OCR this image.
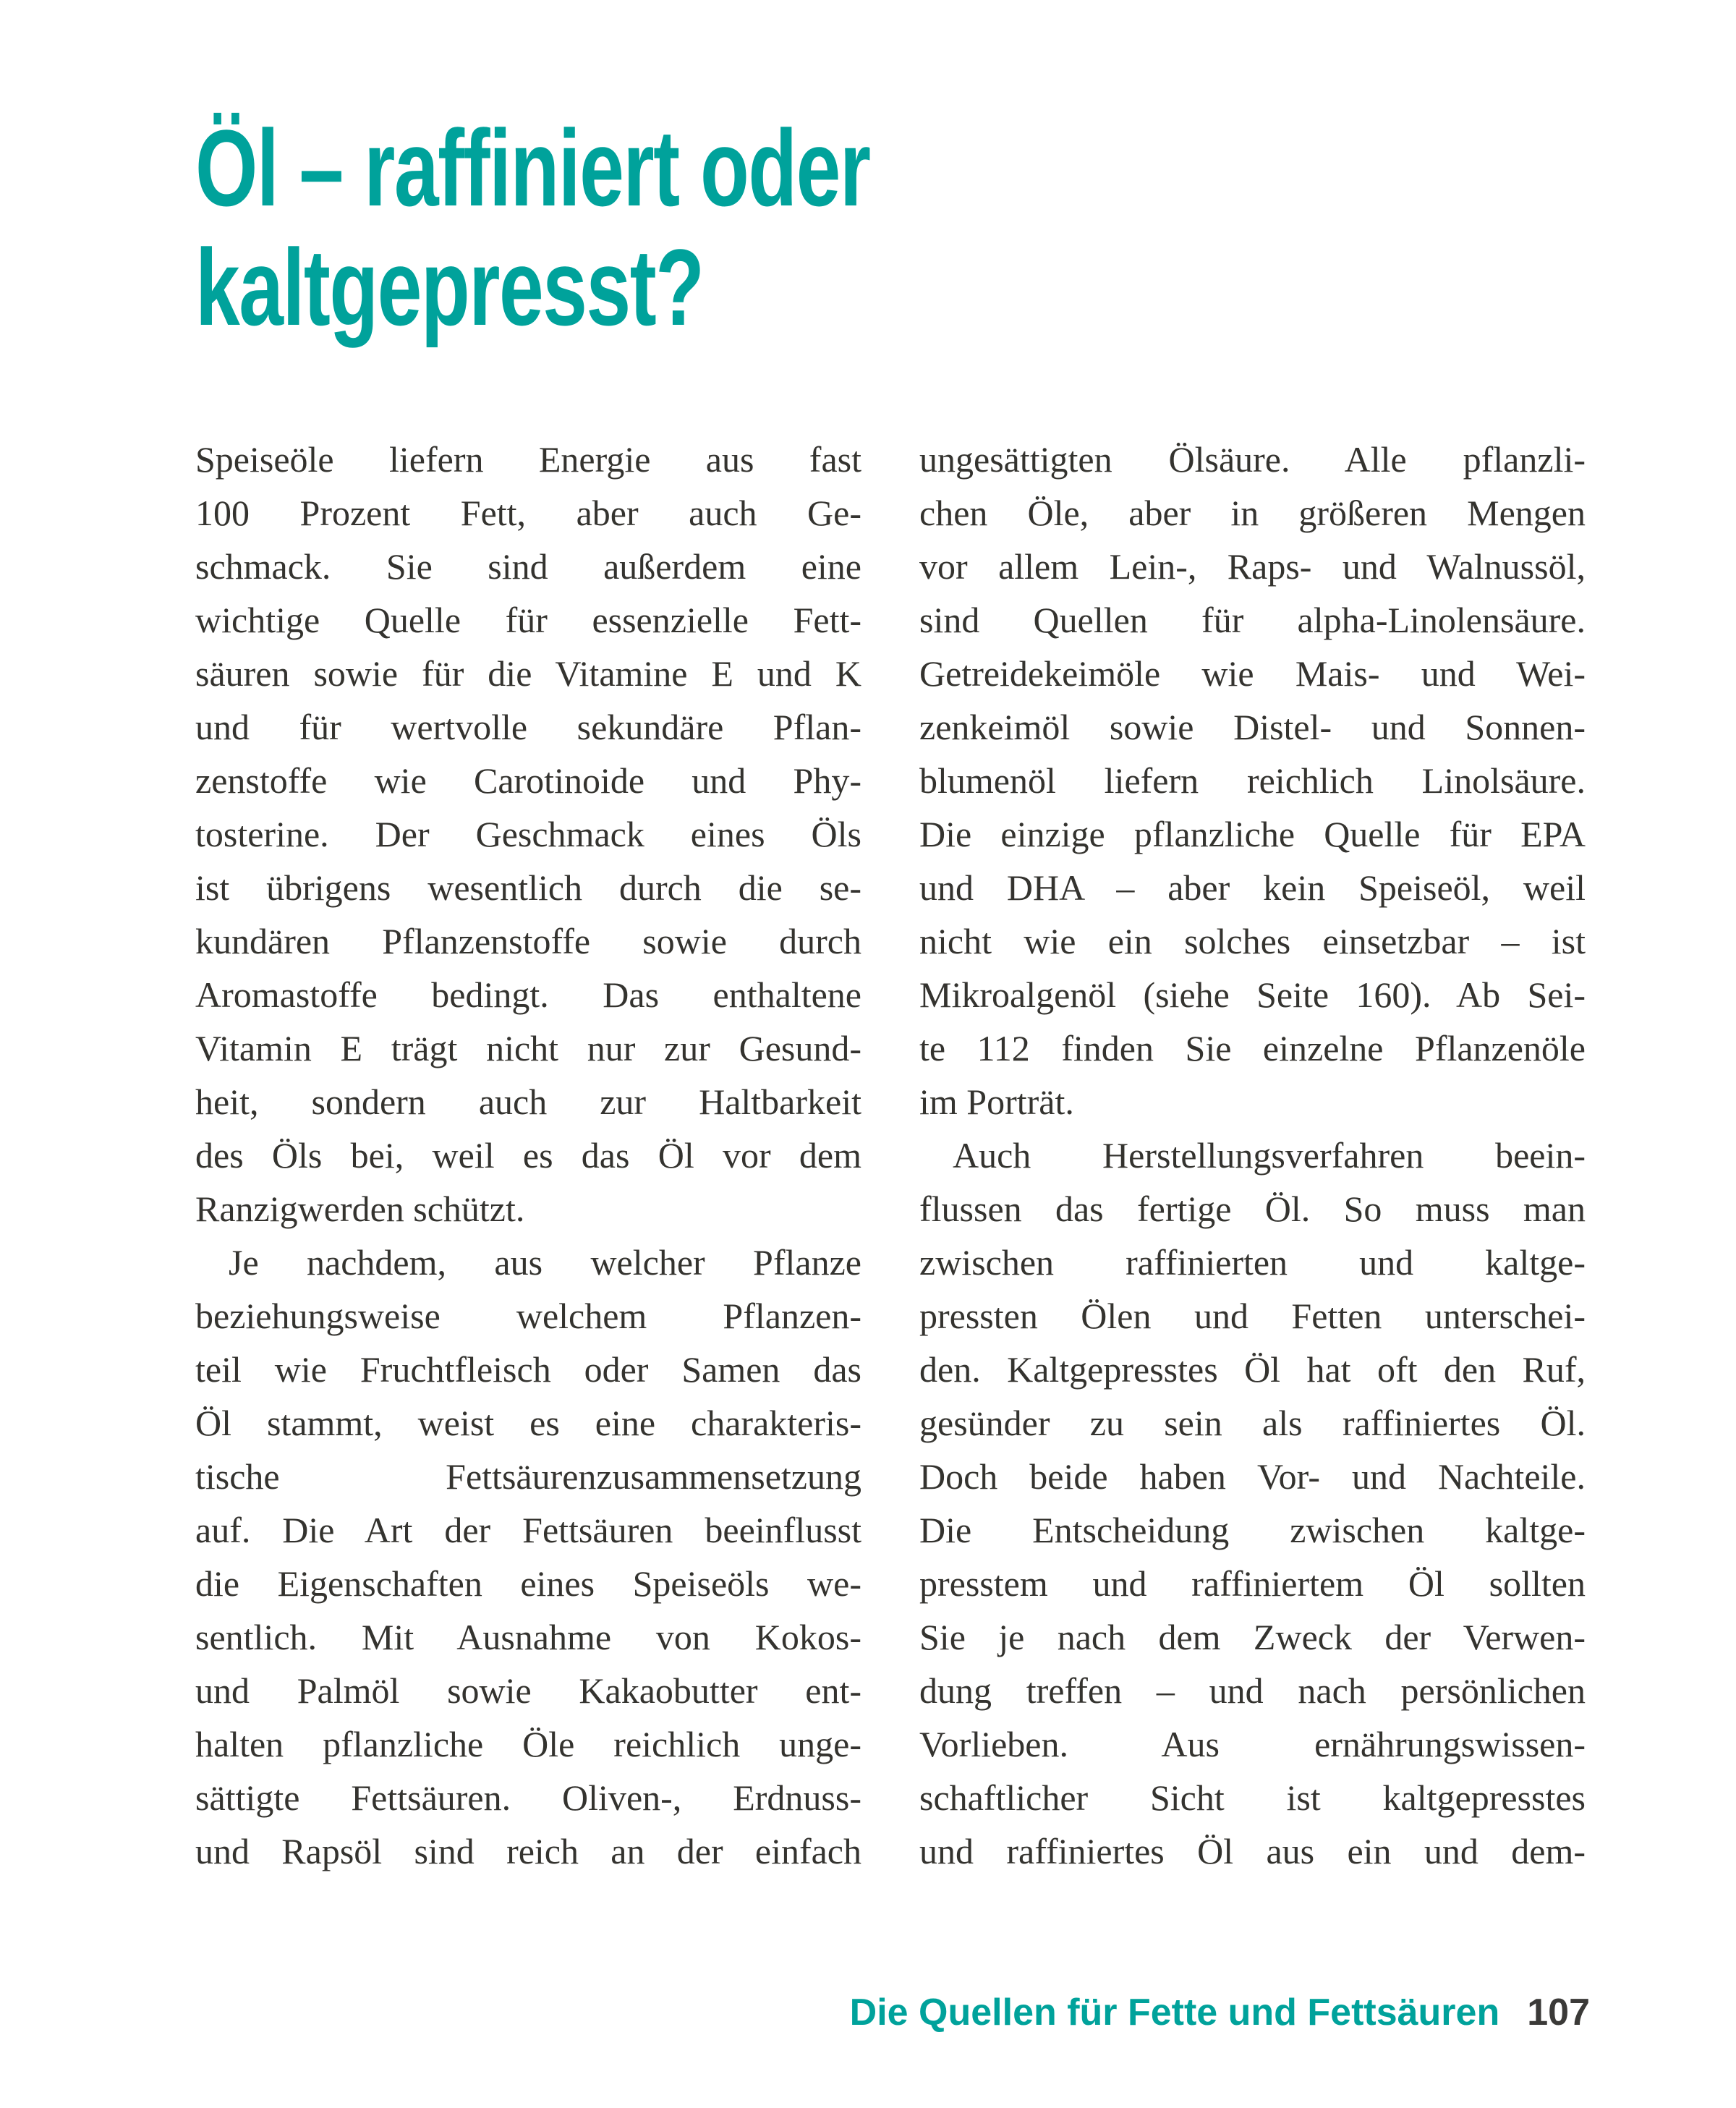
Öl – raffiniert oder
kaltgepresst?
Speiseöle liefern Energie aus fast
100 Prozent Fett, aber auch Ge-
schmack. Sie sind außerdem eine
wichtige Quelle für essenzielle Fett-
säuren sowie für die Vitamine E und K
und für wertvolle sekundäre Pflan-
zenstoffe wie Carotinoide und Phy-
tosterine. Der Geschmack eines Öls
ist übrigens wesentlich durch die se-
kundären Pflanzenstoffe sowie durch
Aromastoffe bedingt. Das enthaltene
Vitamin E trägt nicht nur zur Gesund-
heit, sondern auch zur Haltbarkeit
des Öls bei, weil es das Öl vor dem
Ranzigwerden schützt.
Je nachdem, aus welcher Pflanze
beziehungsweise welchem Pflanzen-
teil wie Fruchtfleisch oder Samen das
Öl stammt, weist es eine charakteris-
tische Fettsäurenzusammensetzung
auf. Die Art der Fettsäuren beeinflusst
die Eigenschaften eines Speiseöls we-
sentlich. Mit Ausnahme von Kokos-
und Palmöl sowie Kakaobutter ent-
halten pflanzliche Öle reichlich unge-
sättigte Fettsäuren. Oliven-, Erdnuss-
und Rapsöl sind reich an der einfach
ungesättigten Ölsäure. Alle pflanzli-
chen Öle, aber in größeren Mengen
vor allem Lein-, Raps- und Walnussöl,
sind Quellen für alpha-Linolensäure.
Getreidekeimöle wie Mais- und Wei-
zenkeimöl sowie Distel- und Sonnen-
blumenöl liefern reichlich Linolsäure.
Die einzige pflanzliche Quelle für EPA
und DHA – aber kein Speiseöl, weil
nicht wie ein solches einsetzbar – ist
Mikroalgenöl (siehe Seite 160). Ab Sei-
te 112 finden Sie einzelne Pflanzenöle
im Porträt.
Auch Herstellungsverfahren beein-
flussen das fertige Öl. So muss man
zwischen raffinierten und kaltge-
pressten Ölen und Fetten unterschei-
den. Kaltgepresstes Öl hat oft den Ruf,
gesünder zu sein als raffiniertes Öl.
Doch beide haben Vor- und Nachteile.
Die Entscheidung zwischen kaltge-
presstem und raffiniertem Öl sollten
Sie je nach dem Zweck der Verwen-
dung treffen – und nach persönlichen
Vorlieben. Aus ernährungswissen-
schaftlicher Sicht ist kaltgepresstes
und raffiniertes Öl aus ein und dem-
Die Quellen für Fette und Fettsäuren 107
